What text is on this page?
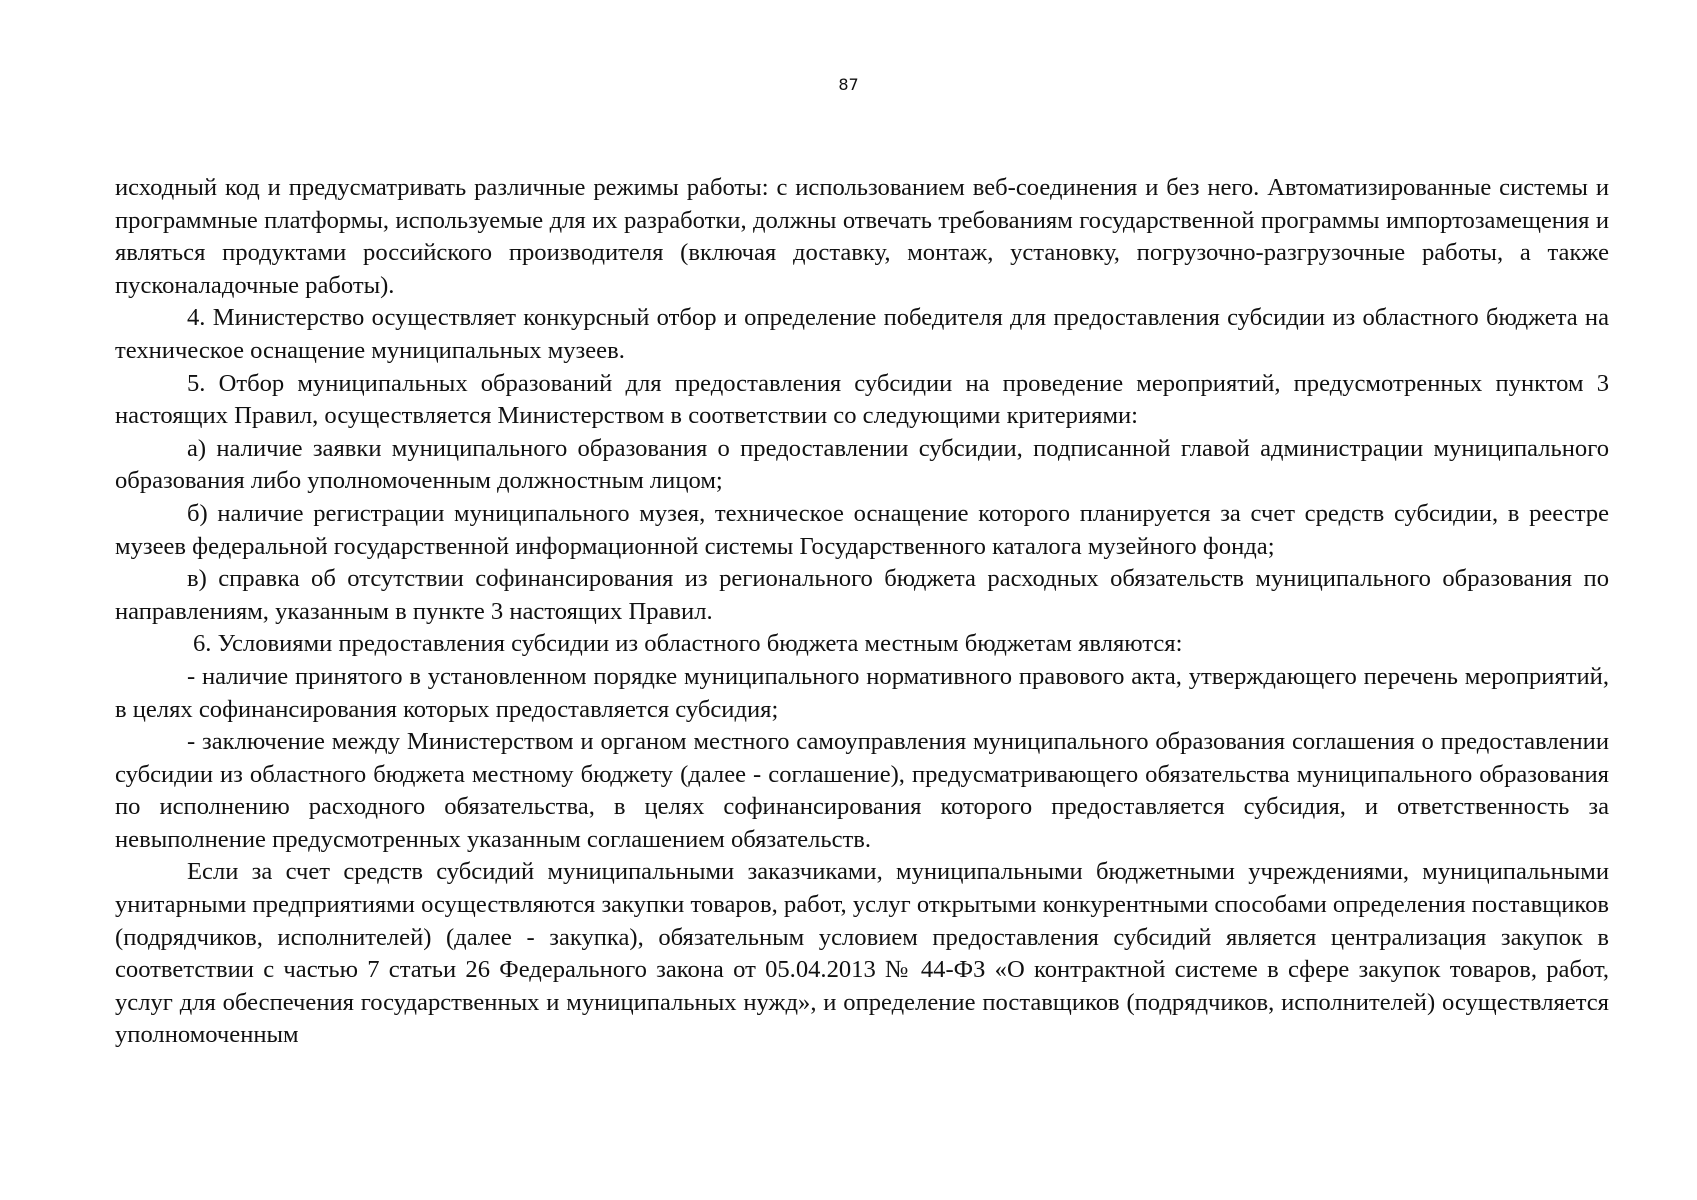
87

исходный код и предусматривать различные режимы работы: с использованием веб-соединения и без него. Автоматизированные системы и программные платформы, используемые для их разработки, должны отвечать требованиям государственной программы импортозамещения и являться продуктами российского производителя (включая доставку, монтаж, установку, погрузочно-разгрузочные работы, а также пусконаладочные работы).

4. Министерство осуществляет конкурсный отбор и определение победителя для предоставления субсидии из областного бюджета на техническое оснащение муниципальных музеев.

5. Отбор муниципальных образований для предоставления субсидии на проведение мероприятий, предусмотренных пунктом 3 настоящих Правил, осуществляется Министерством в соответствии со следующими критериями:

а) наличие заявки муниципального образования о предоставлении субсидии, подписанной главой администрации муниципального образования либо уполномоченным должностным лицом;

б) наличие регистрации муниципального музея, техническое оснащение которого планируется за счет средств субсидии, в реестре музеев федеральной государственной информационной системы Государственного каталога музейного фонда;

в) справка об отсутствии софинансирования из регионального бюджета расходных обязательств муниципального образования по направлениям, указанным в пункте 3 настоящих Правил.

6. Условиями предоставления субсидии из областного бюджета местным бюджетам являются:

- наличие принятого в установленном порядке муниципального нормативного правового акта, утверждающего перечень мероприятий, в целях софинансирования которых предоставляется субсидия;

- заключение между Министерством и органом местного самоуправления муниципального образования соглашения о предоставлении субсидии из областного бюджета местному бюджету (далее - соглашение), предусматривающего обязательства муниципального образования по исполнению расходного обязательства, в целях софинансирования которого предоставляется субсидия, и ответственность за невыполнение предусмотренных указанным соглашением обязательств.

Если за счет средств субсидий муниципальными заказчиками, муниципальными бюджетными учреждениями, муниципальными унитарными предприятиями осуществляются закупки товаров, работ, услуг открытыми конкурентными способами определения поставщиков (подрядчиков, исполнителей) (далее - закупка), обязательным условием предоставления субсидий является централизация закупок в соответствии с частью 7 статьи 26 Федерального закона от 05.04.2013 № 44-ФЗ «О контрактной системе в сфере закупок товаров, работ, услуг для обеспечения государственных и муниципальных нужд», и определение поставщиков (подрядчиков, исполнителей) осуществляется уполномоченным
